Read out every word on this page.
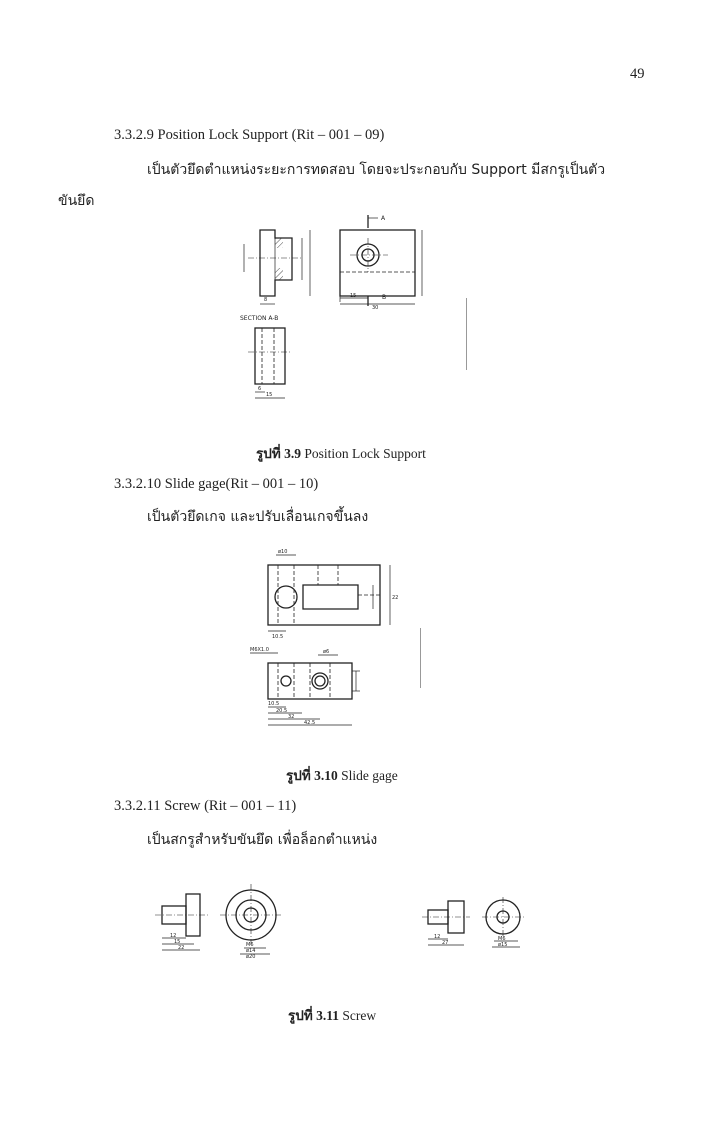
49
3.3.2.9 Position Lock Support (Rit – 001 – 09)
เป็นตัวยึดตำแหน่งระยะการทดสอบ โดยจะประกอบกับ Support มีสกรูเป็นตัว
ขันยึด
8
SECTION A-B
A
15	B
30
6
15
รูปที่ 3.9 Position Lock Support
3.3.2.10 Slide gage(Rit – 001 – 10)
เป็นตัวยึดเกจ และปรับเลื่อนเกจขึ้นลง
ø10
22
10.5
M6X1.0	ø6
10.5
20.5
32
42.5
รูปที่ 3.10 Slide gage
3.3.2.11 Screw (Rit – 001 – 11)
เป็นสกรูสำหรับขันยึด เพื่อล็อกตำแหน่ง
12
15
22	M6
ø14
ø20
12
27
M6
ø15
รูปที่ 3.11 Screw
